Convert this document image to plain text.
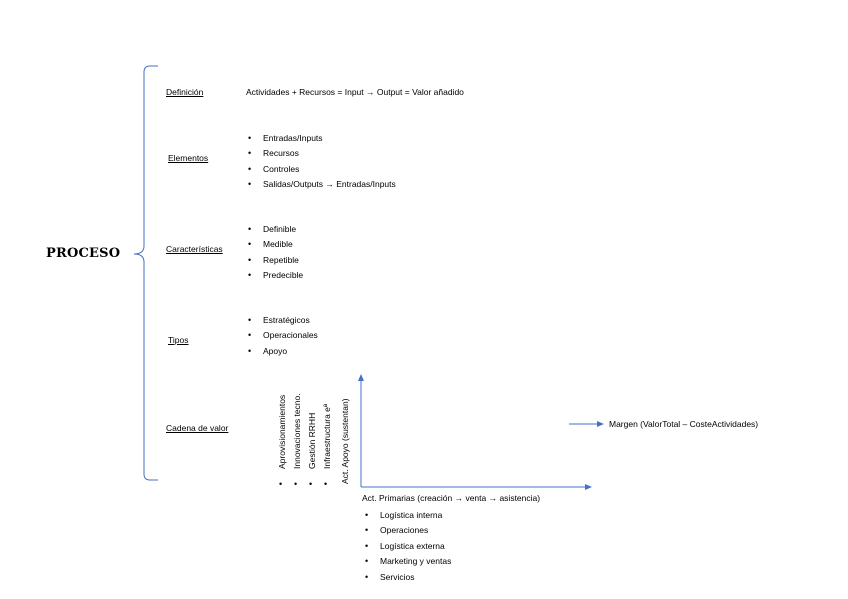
PROCESO
Definición	Actividades + Recursos = Input → Output = Valor añadido
Elementos
• Entradas/Inputs
• Recursos
• Controles
• Salidas/Outputs → Entradas/Inputs
Características
• Definible
• Medible
• Repetible
• Predecible
Tipos
• Estratégicos
• Operacionales
• Apoyo
Cadena de valor	Aprovisionamientos Innovaciones tecno. Gestión RRHH Infraestructura eª Act. Apoyo (sustentan)
• • • •
Margen (ValorTotal – CosteActividades)
Act. Primarias (creación → venta → asistencia)
• Logística interna
• Operaciones
• Logística externa
• Marketing y ventas
• Servicios
